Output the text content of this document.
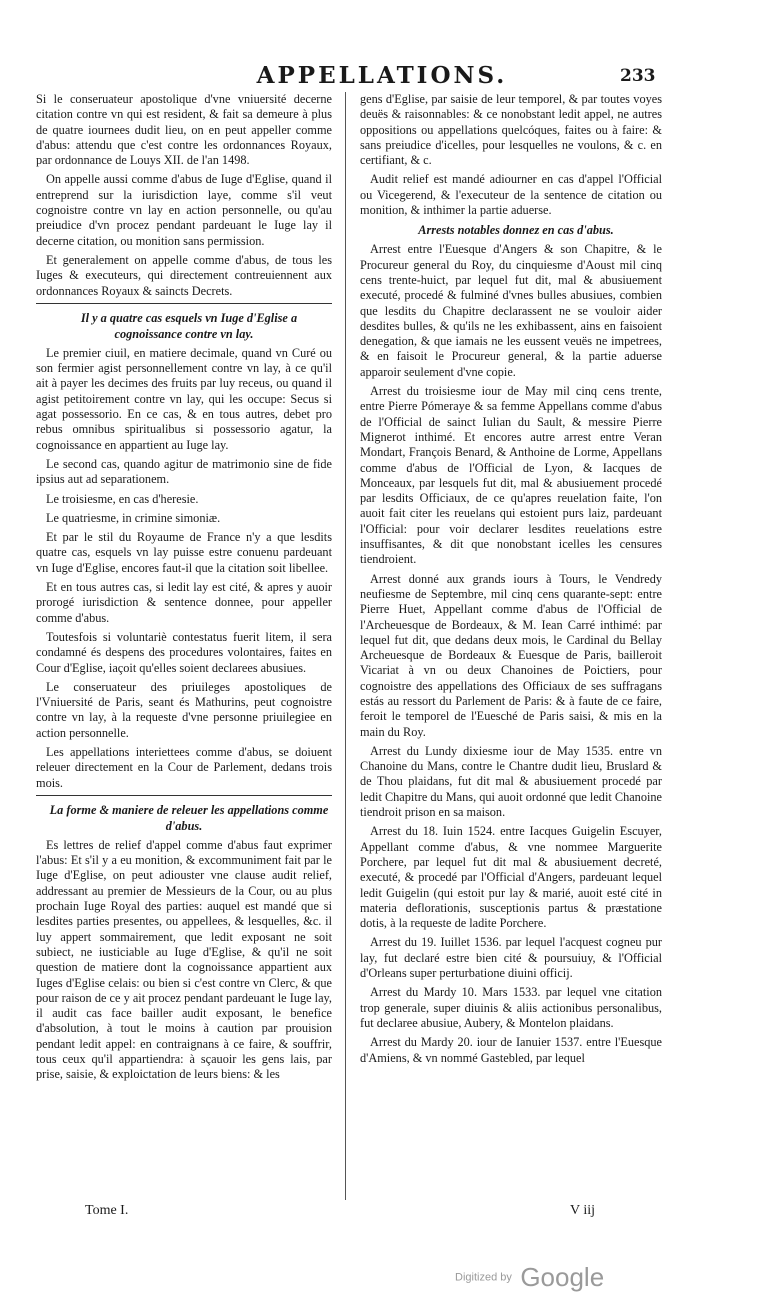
APPELLATIONS.	233

Si le conseruateur apostolique d'vne vniuersité decerne citation contre vn qui est resident, & fait sa demeure à plus de quatre iournees dudit lieu, on en peut appeller comme d'abus: attendu que c'est contre les ordonnances Royaux, par ordonnance de Louys XII. de l'an 1498.

On appelle aussi comme d'abus de Iuge d'Eglise, quand il entreprend sur la iurisdiction laye, comme s'il veut cognoistre contre vn lay en action personnelle, ou qu'au preiudice d'vn procez pendant pardeuant le Iuge lay il decerne citation, ou monition sans permission.

Et generalement on appelle comme d'abus, de tous les Iuges & executeurs, qui directement contreuiennent aux ordonnances Royaux & saincts Decrets.

Il y a quatre cas esquels vn Iuge d'Eglise a cognoissance contre vn lay.

Le premier ciuil, en matiere decimale, quand vn Curé ou son fermier agist personnellement contre vn lay, à ce qu'il ait à payer les decimes des fruits par luy receus, ou quand il agist petitoirement contre vn lay, qui les occupe: Secus si agat possessorio. En ce cas, & en tous autres, debet pro rebus omnibus spiritualibus si possessorio agatur, la cognoissance en appartient au Iuge lay.

Le second cas, quando agitur de matrimonio sine de fide ipsius aut ad separationem.

Le troisiesme, en cas d'heresie.

Le quatriesme, in crimine simoniæ.

Et par le stil du Royaume de France n'y a que lesdits quatre cas, esquels vn lay puisse estre conuenu pardeuant vn Iuge d'Eglise, encores faut-il que la citation soit libellee.

Et en tous autres cas, si ledit lay est cité, & apres y auoir prorogé iurisdiction & sentence donnee, pour appeller comme d'abus.

Toutesfois si voluntariè contestatus fuerit litem, il sera condamné és despens des procedures volontaires, faites en Cour d'Eglise, iaçoit qu'elles soient declarees abusiues.

Le conseruateur des priuileges apostoliques de l'Vniuersité de Paris, seant és Mathurins, peut cognoistre contre vn lay, à la requeste d'vne personne priuilegiee en action personnelle.

Les appellations interiettees comme d'abus, se doiuent releuer directement en la Cour de Parlement, dedans trois mois.

La forme & maniere de releuer les appellations comme d'abus.

Es lettres de relief d'appel comme d'abus faut exprimer l'abus: Et s'il y a eu monition, & excommuniment fait par le Iuge d'Eglise, on peut adiouster vne clause audit relief, addressant au premier de Messieurs de la Cour, ou au plus prochain Iuge Royal des parties: auquel est mandé que si lesdites parties presentes, ou appellees, & lesquelles, &c. il luy appert sommairement, que ledit exposant ne soit subiect, ne iusticiable au Iuge d'Eglise, & qu'il ne soit question de matiere dont la cognoissance appartient aux Iuges d'Eglise celais: ou bien si c'est contre vn Clerc, & que pour raison de ce y ait procez pendant pardeuant le Iuge lay, il audit cas face bailler audit exposant, le benefice d'absolution, à tout le moins à caution par prouision pendant ledit appel: en contraignans à ce faire, & souffrir, tous ceux qu'il appartiendra: à sçauoir les gens lais, par prise, saisie, & exploictation de leurs biens: & les

gens d'Eglise, par saisie de leur temporel, & par toutes voyes deuës & raisonnables: & ce nonobstant ledit appel, ne autres oppositions ou appellations quelcóques, faites ou à faire: & sans preiudice d'icelles, pour lesquelles ne voulons, & c. en certifiant, & c.

Audit relief est mandé adiourner en cas d'appel l'Official ou Vicegerend, & l'executeur de la sentence de citation ou monition, & inthimer la partie aduerse.

Arrests notables donnez en cas d'abus.

Arrest entre l'Euesque d'Angers & son Chapitre, & le Procureur general du Roy, du cinquiesme d'Aoust mil cinq cens trente-huict, par lequel fut dit, mal & abusiuement executé, procedé & fulminé d'vnes bulles abusiues, combien que lesdits du Chapitre declarassent ne se vouloir aider desdites bulles, & qu'ils ne les exhibassent, ains en faisoient denegation, & que iamais ne les eussent veuës ne impetrees, & en faisoit le Procureur general, & la partie aduerse apparoir seulement d'vne copie.

Arrest du troisiesme iour de May mil cinq cens trente, entre Pierre Pómeraye & sa femme Appellans comme d'abus de l'Official de sainct Iulian du Sault, & messire Pierre Mignerot inthimé. Et encores autre arrest entre Veran Mondart, François Benard, & Anthoine de Lorme, Appellans comme d'abus de l'Official de Lyon, & Iacques de Monceaux, par lesquels fut dit, mal & abusiuement procedé par lesdits Officiaux, de ce qu'apres reuelation faite, l'on auoit fait citer les reuelans qui estoient purs laiz, pardeuant l'Official: pour voir declarer lesdites reuelations estre insuffisantes, & dit que nonobstant icelles les censures tiendroient.

Arrest donné aux grands iours à Tours, le Vendredy neufiesme de Septembre, mil cinq cens quarante-sept: entre Pierre Huet, Appellant comme d'abus de l'Official de l'Archeuesque de Bordeaux, & M. Iean Carré inthimé: par lequel fut dit, que dedans deux mois, le Cardinal du Bellay Archeuesque de Bordeaux & Euesque de Paris, bailleroit Vicariat à vn ou deux Chanoines de Poictiers, pour cognoistre des appellations des Officiaux de ses suffragans estás au ressort du Parlement de Paris: & à faute de ce faire, feroit le temporel de l'Euesché de Paris saisi, & mis en la main du Roy.

Arrest du Lundy dixiesme iour de May 1535. entre vn Chanoine du Mans, contre le Chantre dudit lieu, Bruslard & de Thou plaidans, fut dit mal & abusiuement procedé par ledit Chapitre du Mans, qui auoit ordonné que ledit Chanoine tiendroit prison en sa maison.

Arrest du 18. Iuin 1524. entre Iacques Guigelin Escuyer, Appellant comme d'abus, & vne nommee Marguerite Porchere, par lequel fut dit mal & abusiuement decreté, executé, & procedé par l'Official d'Angers, pardeuant lequel ledit Guigelin (qui estoit pur lay & marié, auoit esté cité in materia deflorationis, susceptionis partus & præstatione dotis, à la requeste de ladite Porchere.

Arrest du 19. Iuillet 1536. par lequel l'acquest cogneu pur lay, fut declaré estre bien cité & poursuiuy, & l'Official d'Orleans super perturbatione diuini officij.

Arrest du Mardy 10. Mars 1533. par lequel vne citation trop generale, super diuinis & aliis actionibus personalibus, fut declaree abusiue, Aubery, & Montelon plaidans.

Arrest du Mardy 20. iour de Ianuier 1537. entre l'Euesque d'Amiens, & vn nommé Gastebled, par lequel

Tome I.	V iij
Digitized by Google
